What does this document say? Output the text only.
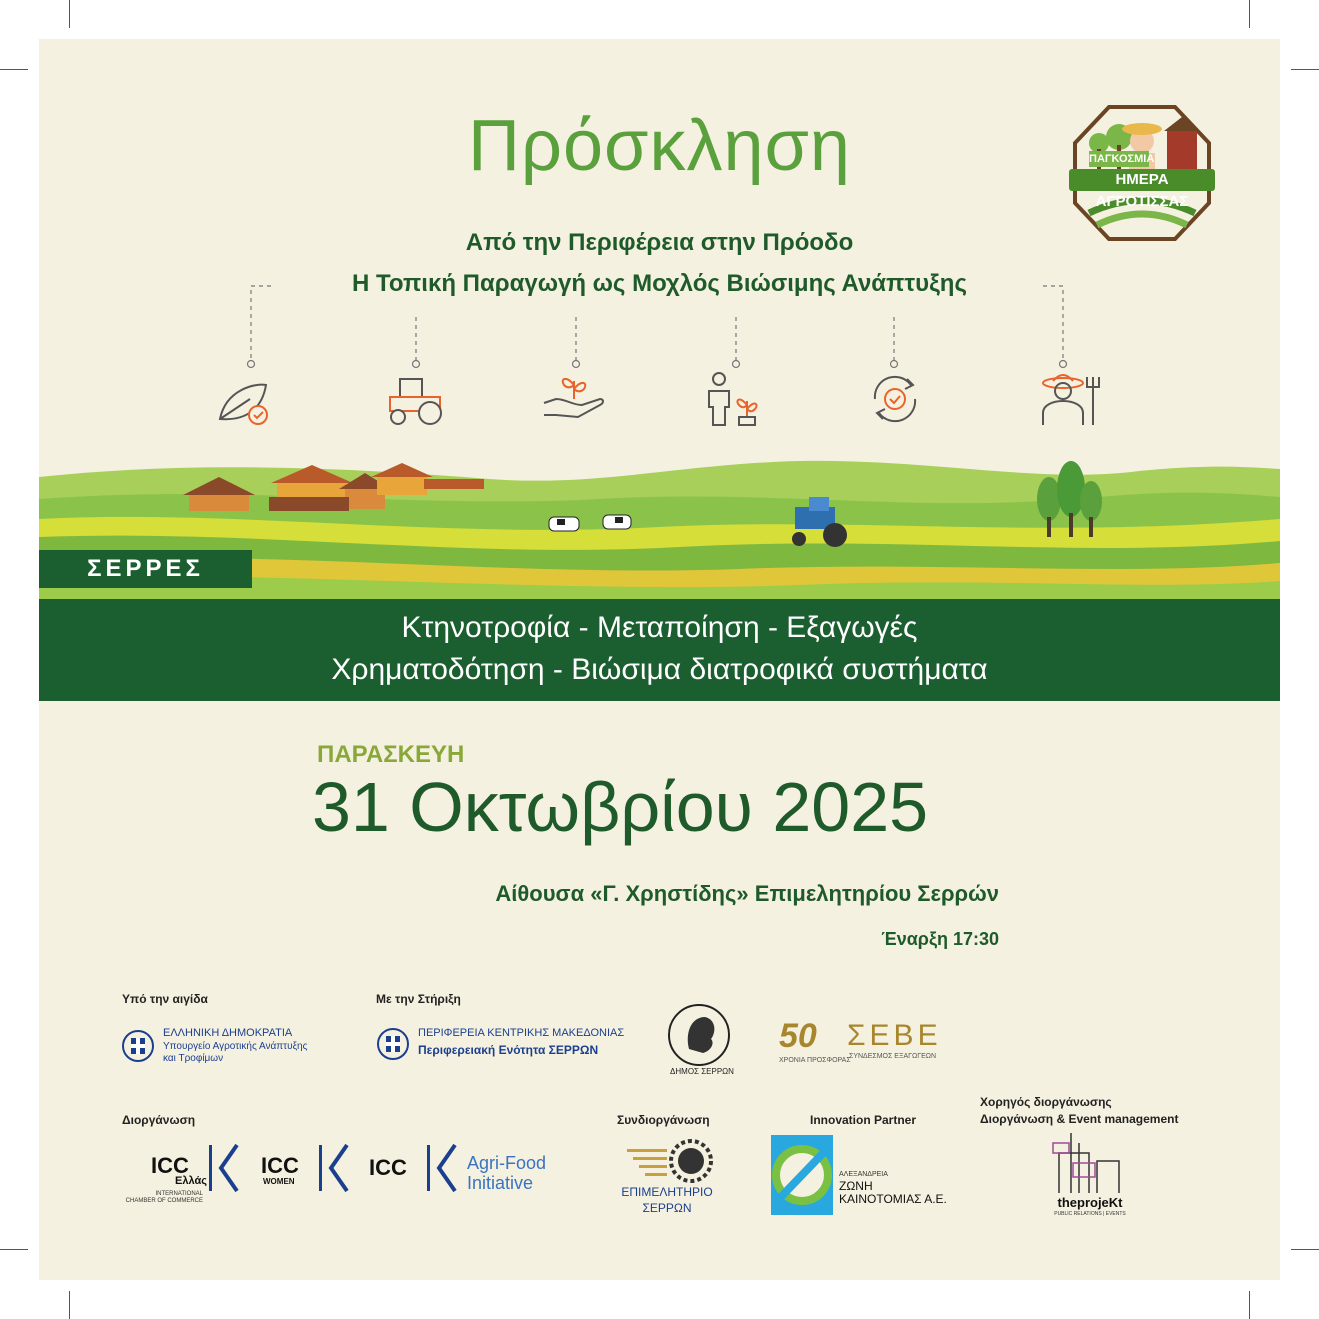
Πρόσκληση	ΠΑΓΚΟΣΜΙΑ
ΗΜΕΡΑ ΑΓΡΟΤΙΣΣΑΣ
Από την Περιφέρεια στην Πρόοδο
Η Τοπική Παραγωγή ως Μοχλός Βιώσιμης Ανάπτυξης
ΣΕΡΡΕΣ
Κτηνοτροφία - Μεταποίηση - Εξαγωγές
Χρηματοδότηση - Βιώσιμα διατροφικά συστήματα
ΠΑΡΑΣΚΕΥΗ
31 Οκτωβρίου 2025
Αίθουσα «Γ. Χρηστίδης» Επιμελητηρίου Σερρών
Έναρξη 17:30
Υπό την αιγίδα	Με την Στήριξη
ΕΛΛΗΝΙΚΗ ΔΗΜΟΚΡΑΤΙΑ
Υπουργείο Αγροτικής Ανάπτυξης
και Τροφίμων
ΠΕΡΙΦΕΡΕΙΑ ΚΕΝΤΡΙΚΗΣ ΜΑΚΕΔΟΝΙΑΣ
Περιφερειακή Ενότητα ΣΕΡΡΩΝ
ΔΗΜΟΣ ΣΕΡΡΩΝ
50 ΣΕΒΕ
ΧΡΟΝΙΑ ΠΡΟΣΦΟΡΑΣ
ΣΥΝΔΕΣΜΟΣ ΕΞΑΓΩΓΕΩΝ
Διοργάνωση	Συνδιοργάνωση	Innovation Partner
Χορηγός διοργάνωσης
Διοργάνωση & Event management
ICC
Ελλάς
INTERNATIONAL CHAMBER OF COMMERCE
ICC
WOMEN
ICC	Agri-Food
Initiative	ΕΠΙΜΕΛΗΤΗΡΙΟ
ΣΕΡΡΩΝ
ΑΛΕΞΑΝΔΡΕΙΑ
ΖΩΝΗ
ΚΑΙΝΟΤΟΜΙΑΣ Α.Ε.	theprojeKt
PUBLIC RELATIONS | EVENTS
